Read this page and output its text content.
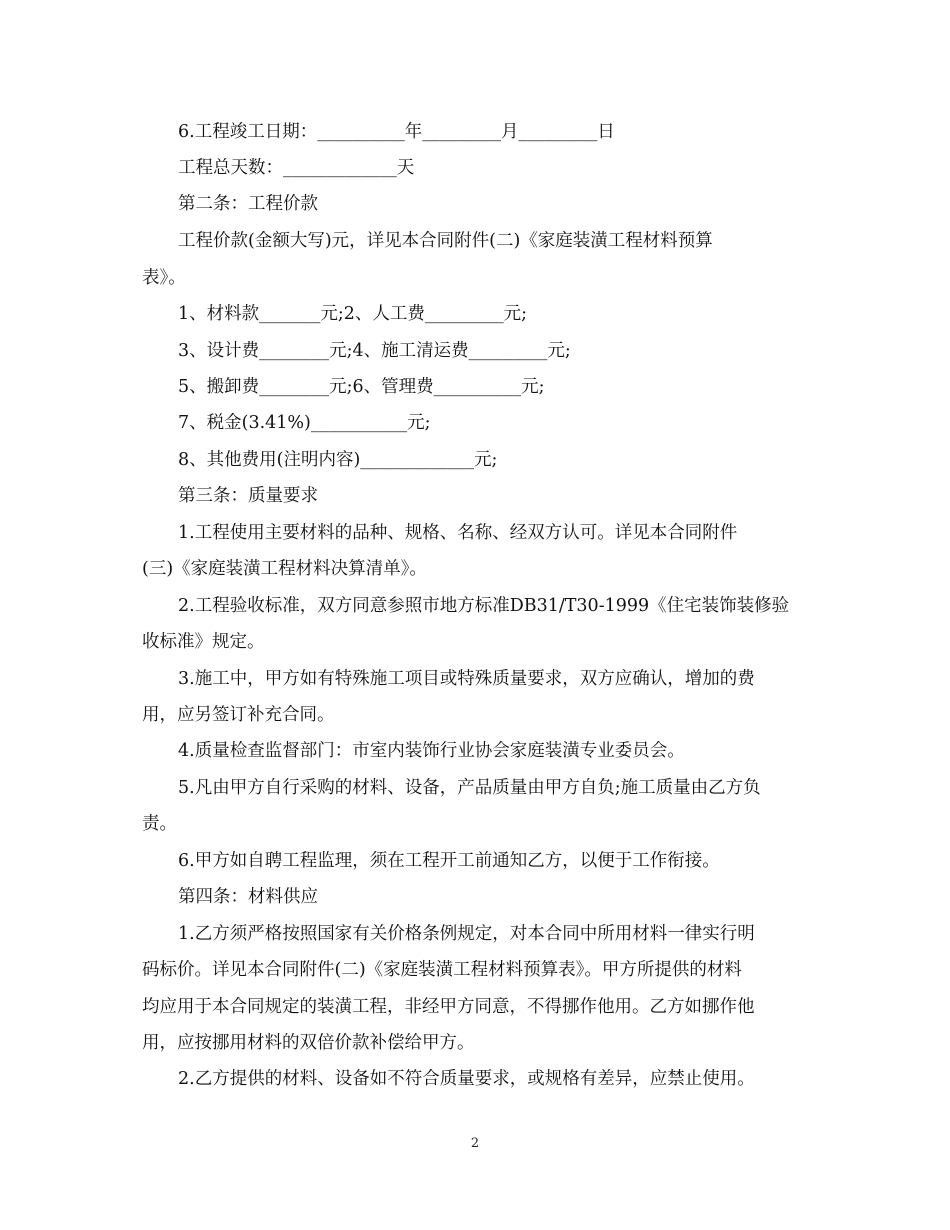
6.工程竣工日期：__________年_________月_________日
工程总天数：_____________天
第二条：工程价款
工程价款(金额大写)元，详见本合同附件(二)《家庭装潢工程材料预算
表》。
1、材料款_______元;2、人工费_________元;
3、设计费________元;4、施工清运费_________元;
5、搬卸费________元;6、管理费__________元;
7、税金(3.41%)___________元;
8、其他费用(注明内容)_____________元;
第三条：质量要求
1.工程使用主要材料的品种、规格、名称、经双方认可。详见本合同附件
(三)《家庭装潢工程材料决算清单》。
2.工程验收标准，双方同意参照市地方标准DB31/T30-1999《住宅装饰装修验
收标准》规定。
3.施工中，甲方如有特殊施工项目或特殊质量要求，双方应确认，增加的费
用，应另签订补充合同。
4.质量检查监督部门：市室内装饰行业协会家庭装潢专业委员会。
5.凡由甲方自行采购的材料、设备，产品质量由甲方自负;施工质量由乙方负
责。
6.甲方如自聘工程监理，须在工程开工前通知乙方，以便于工作衔接。
第四条：材料供应
1.乙方须严格按照国家有关价格条例规定，对本合同中所用材料一律实行明
码标价。详见本合同附件(二)《家庭装潢工程材料预算表》。甲方所提供的材料
均应用于本合同规定的装潢工程，非经甲方同意，不得挪作他用。乙方如挪作他
用，应按挪用材料的双倍价款补偿给甲方。
2.乙方提供的材料、设备如不符合质量要求，或规格有差异，应禁止使用。
2
